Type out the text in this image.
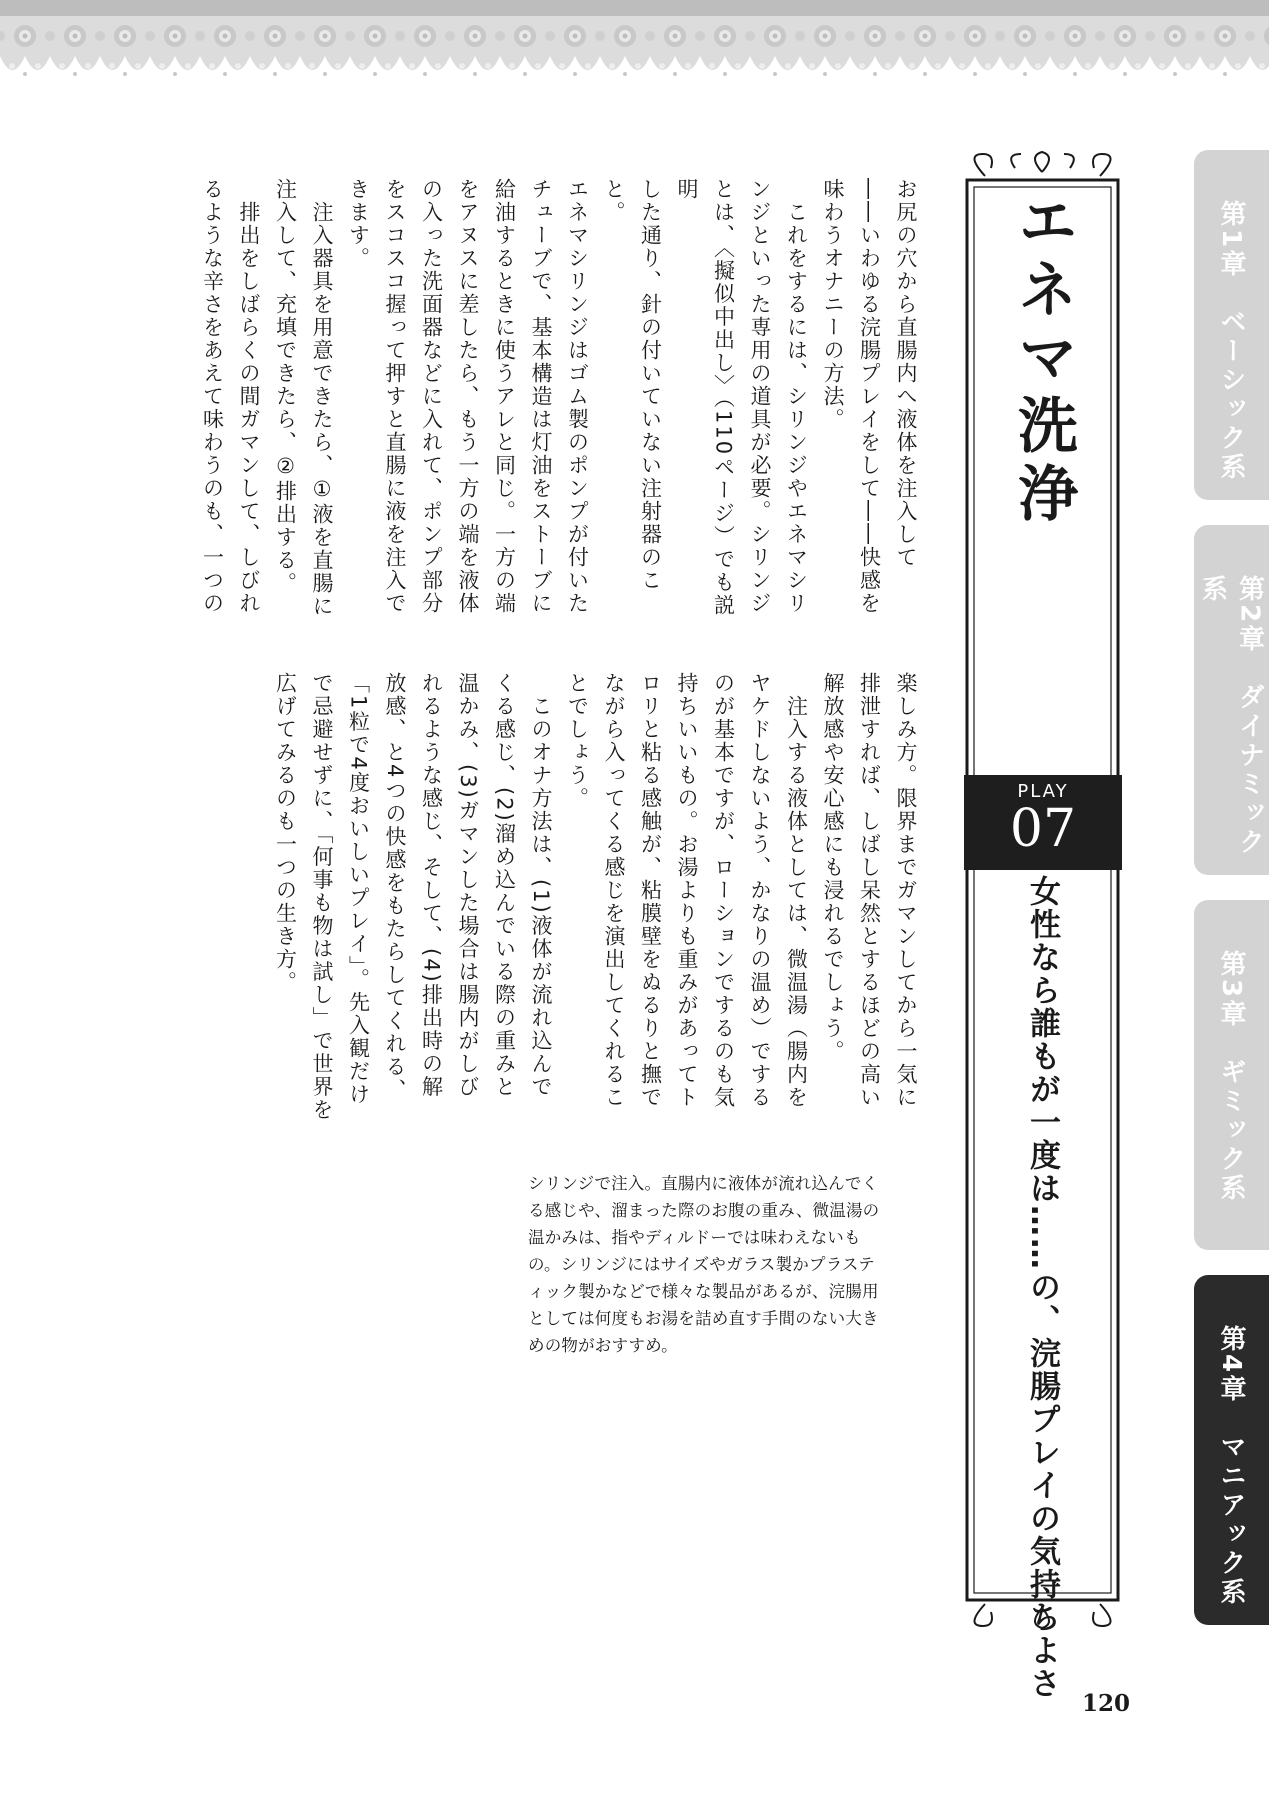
お尻の穴から直腸内へ液体を注入して
――いわゆる浣腸プレイをして――快感を
味わうオナニーの方法。
　これをするには、シリンジやエネマシリ
ンジといった専用の道具が必要。シリンジ
とは、〈擬似中出し〉（110ページ）でも説明
した通り、針の付いていない注射器のこと。
エネマシリンジはゴム製のポンプが付いた
チューブで、基本構造は灯油をストーブに
給油するときに使うアレと同じ。一方の端
をアヌスに差したら、もう一方の端を液体
の入った洗面器などに入れて、ポンプ部分
をスコスコ握って押すと直腸に液を注入で
きます。
　注入器具を用意できたら、①液を直腸に
注入して、充填できたら、②排出する。
　排出をしばらくの間ガマンして、しびれ
るような辛さをあえて味わうのも、一つの
楽しみ方。限界までガマンしてから一気に
排泄すれば、しばし呆然とするほどの高い
解放感や安心感にも浸れるでしょう。
　注入する液体としては、微温湯（腸内を
ヤケドしないよう、かなりの温め）でする
のが基本ですが、ローションでするのも気
持ちいいもの。お湯よりも重みがあってト
ロリと粘る感触が、粘膜壁をぬるりと撫で
ながら入ってくる感じを演出してくれるこ
とでしょう。
　このオナ方法は、(1)液体が流れ込んで
くる感じ、(2)溜め込んでいる際の重みと
温かみ、(3)ガマンした場合は腸内がしび
れるような感じ、そして、(4)排出時の解
放感、と4つの快感をもたらしてくれる、
「1粒で4度おいしいプレイ」。先入観だけ
で忌避せずに、「何事も物は試し」で世界を
広げてみるのも一つの生き方。
エネマ洗浄
PLAY
07
女性なら誰もが一度は……の、浣腸プレイの気持ちよさ
シリンジで注入。直腸内に液体が流れ込んでくる感じや、溜まった際のお腹の重み、微温湯の温かみは、指やディルドーでは味わえないもの。シリンジにはサイズやガラス製かプラスティック製かなどで様々な製品があるが、浣腸用としては何度もお湯を詰め直す手間のない大きめの物がおすすめ。
第1章　ベーシック系
第2章　ダイナミック系
第3章　ギミック系
第4章　マニアック系
120
